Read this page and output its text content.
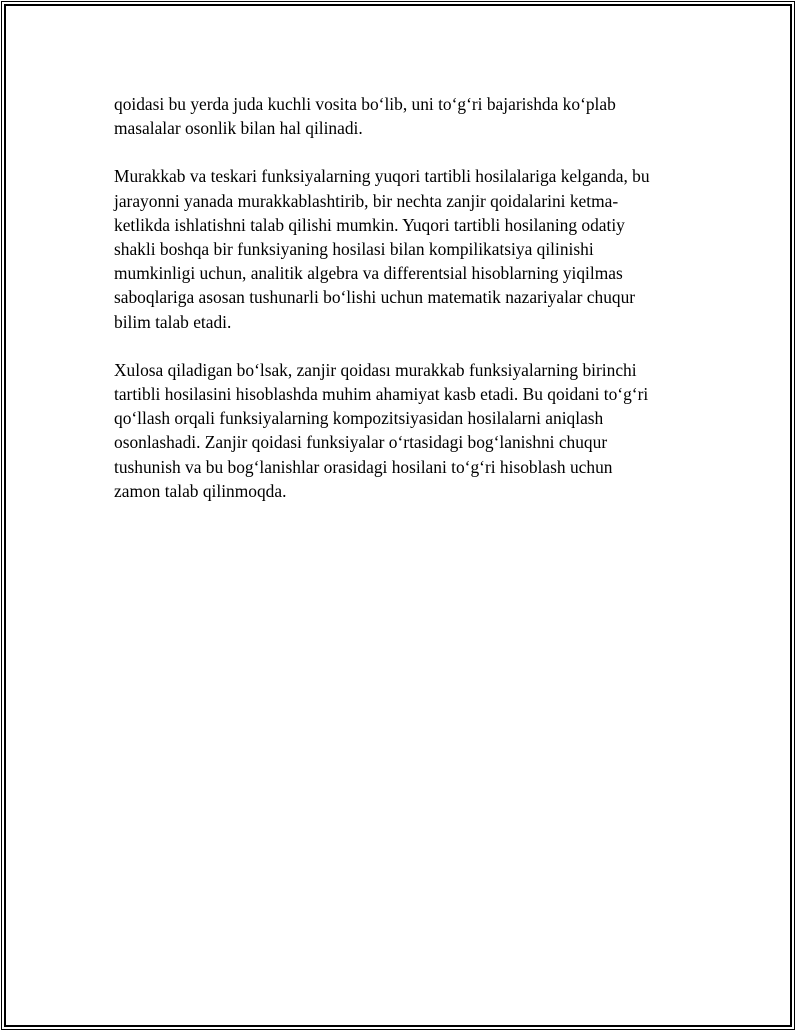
qoidasi bu yerda juda kuchli vosita bo‘lib, uni to‘g‘ri bajarishda ko‘plab
masalalar osonlik bilan hal qilinadi.

Murakkab va teskari funksiyalarning yuqori tartibli hosilalariga kelganda, bu
jarayonni yanada murakkablashtirib, bir nechta zanjir qoidalarini ketma-
ketlikda ishlatishni talab qilishi mumkin. Yuqori tartibli hosilaning odatiy
shakli boshqa bir funksiyaning hosilasi bilan kompilikatsiya qilinishi
mumkinligi uchun, analitik algebra va differentsial hisoblarning yiqilmas
saboqlariga asosan tushunarli bo‘lishi uchun matematik nazariyalar chuqur
bilim talab etadi.

Xulosa qiladigan bo‘lsak, zanjir qoidası murakkab funksiyalarning birinchi
tartibli hosilasini hisoblashda muhim ahamiyat kasb etadi. Bu qoidani to‘g‘ri
qo‘llash orqali funksiyalarning kompozitsiyasidan hosilalarni aniqlash
osonlashadi. Zanjir qoidasi funksiyalar o‘rtasidagi bog‘lanishni chuqur
tushunish va bu bog‘lanishlar orasidagi hosilani to‘g‘ri hisoblash uchun
zamon talab qilinmoqda.
